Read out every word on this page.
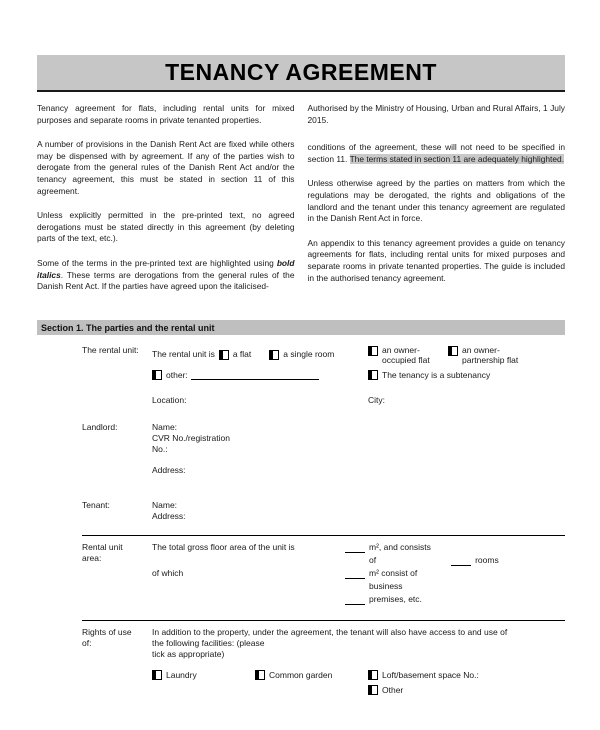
TENANCY AGREEMENT

Tenancy agreement for flats, including rental units for mixed purposes and separate rooms in private tenanted properties.

A number of provisions in the Danish Rent Act are fixed while others may be dispensed with by agreement. If any of the parties wish to derogate from the general rules of the Danish Rent Act and/or the tenancy agreement, this must be stated in section 11 of this agreement.

Unless explicitly permitted in the pre-printed text, no agreed derogations must be stated directly in this agreement (by deleting parts of the text, etc.).

Some of the terms in the pre-printed text are highlighted using bold italics. These terms are derogations from the general rules of the Danish Rent Act. If the parties have agreed upon the italicised-

Authorised by the Ministry of Housing, Urban and Rural Affairs, 1 July 2015.

conditions of the agreement, these will not need to be specified in section 11. The terms stated in section 11 are adequately highlighted.

Unless otherwise agreed by the parties on matters from which the regulations may be derogated, the rights and obligations of the landlord and the tenant under this tenancy agreement are regulated in the Danish Rent Act in force.

An appendix to this tenancy agreement provides a guide on tenancy agreements for flats, including rental units for mixed purposes and separate rooms in private tenanted properties. The guide is included in the authorised tenancy agreement.

Section 1. The parties and the rental unit
The rental unit:	The rental unit is a flat	a single room	an owner-occupied flat
an owner-partnership flat
other:	The tenancy is a subtenancy
Location:	City:
Landlord:	Name:
CVR No./registration No.:
Address:
Tenant:	Name:
Address:
Rental unit area:
The total gross floor area of the unit is	m², and consists
of	rooms
of which	m² consist of
business
premises, etc.
Rights of use of:
In addition to the property, under the agreement, the tenant will also have access to and use of
the following facilities: (please
tick as appropriate)
Laundry	Common garden	Loft/basement space No.:
Other
